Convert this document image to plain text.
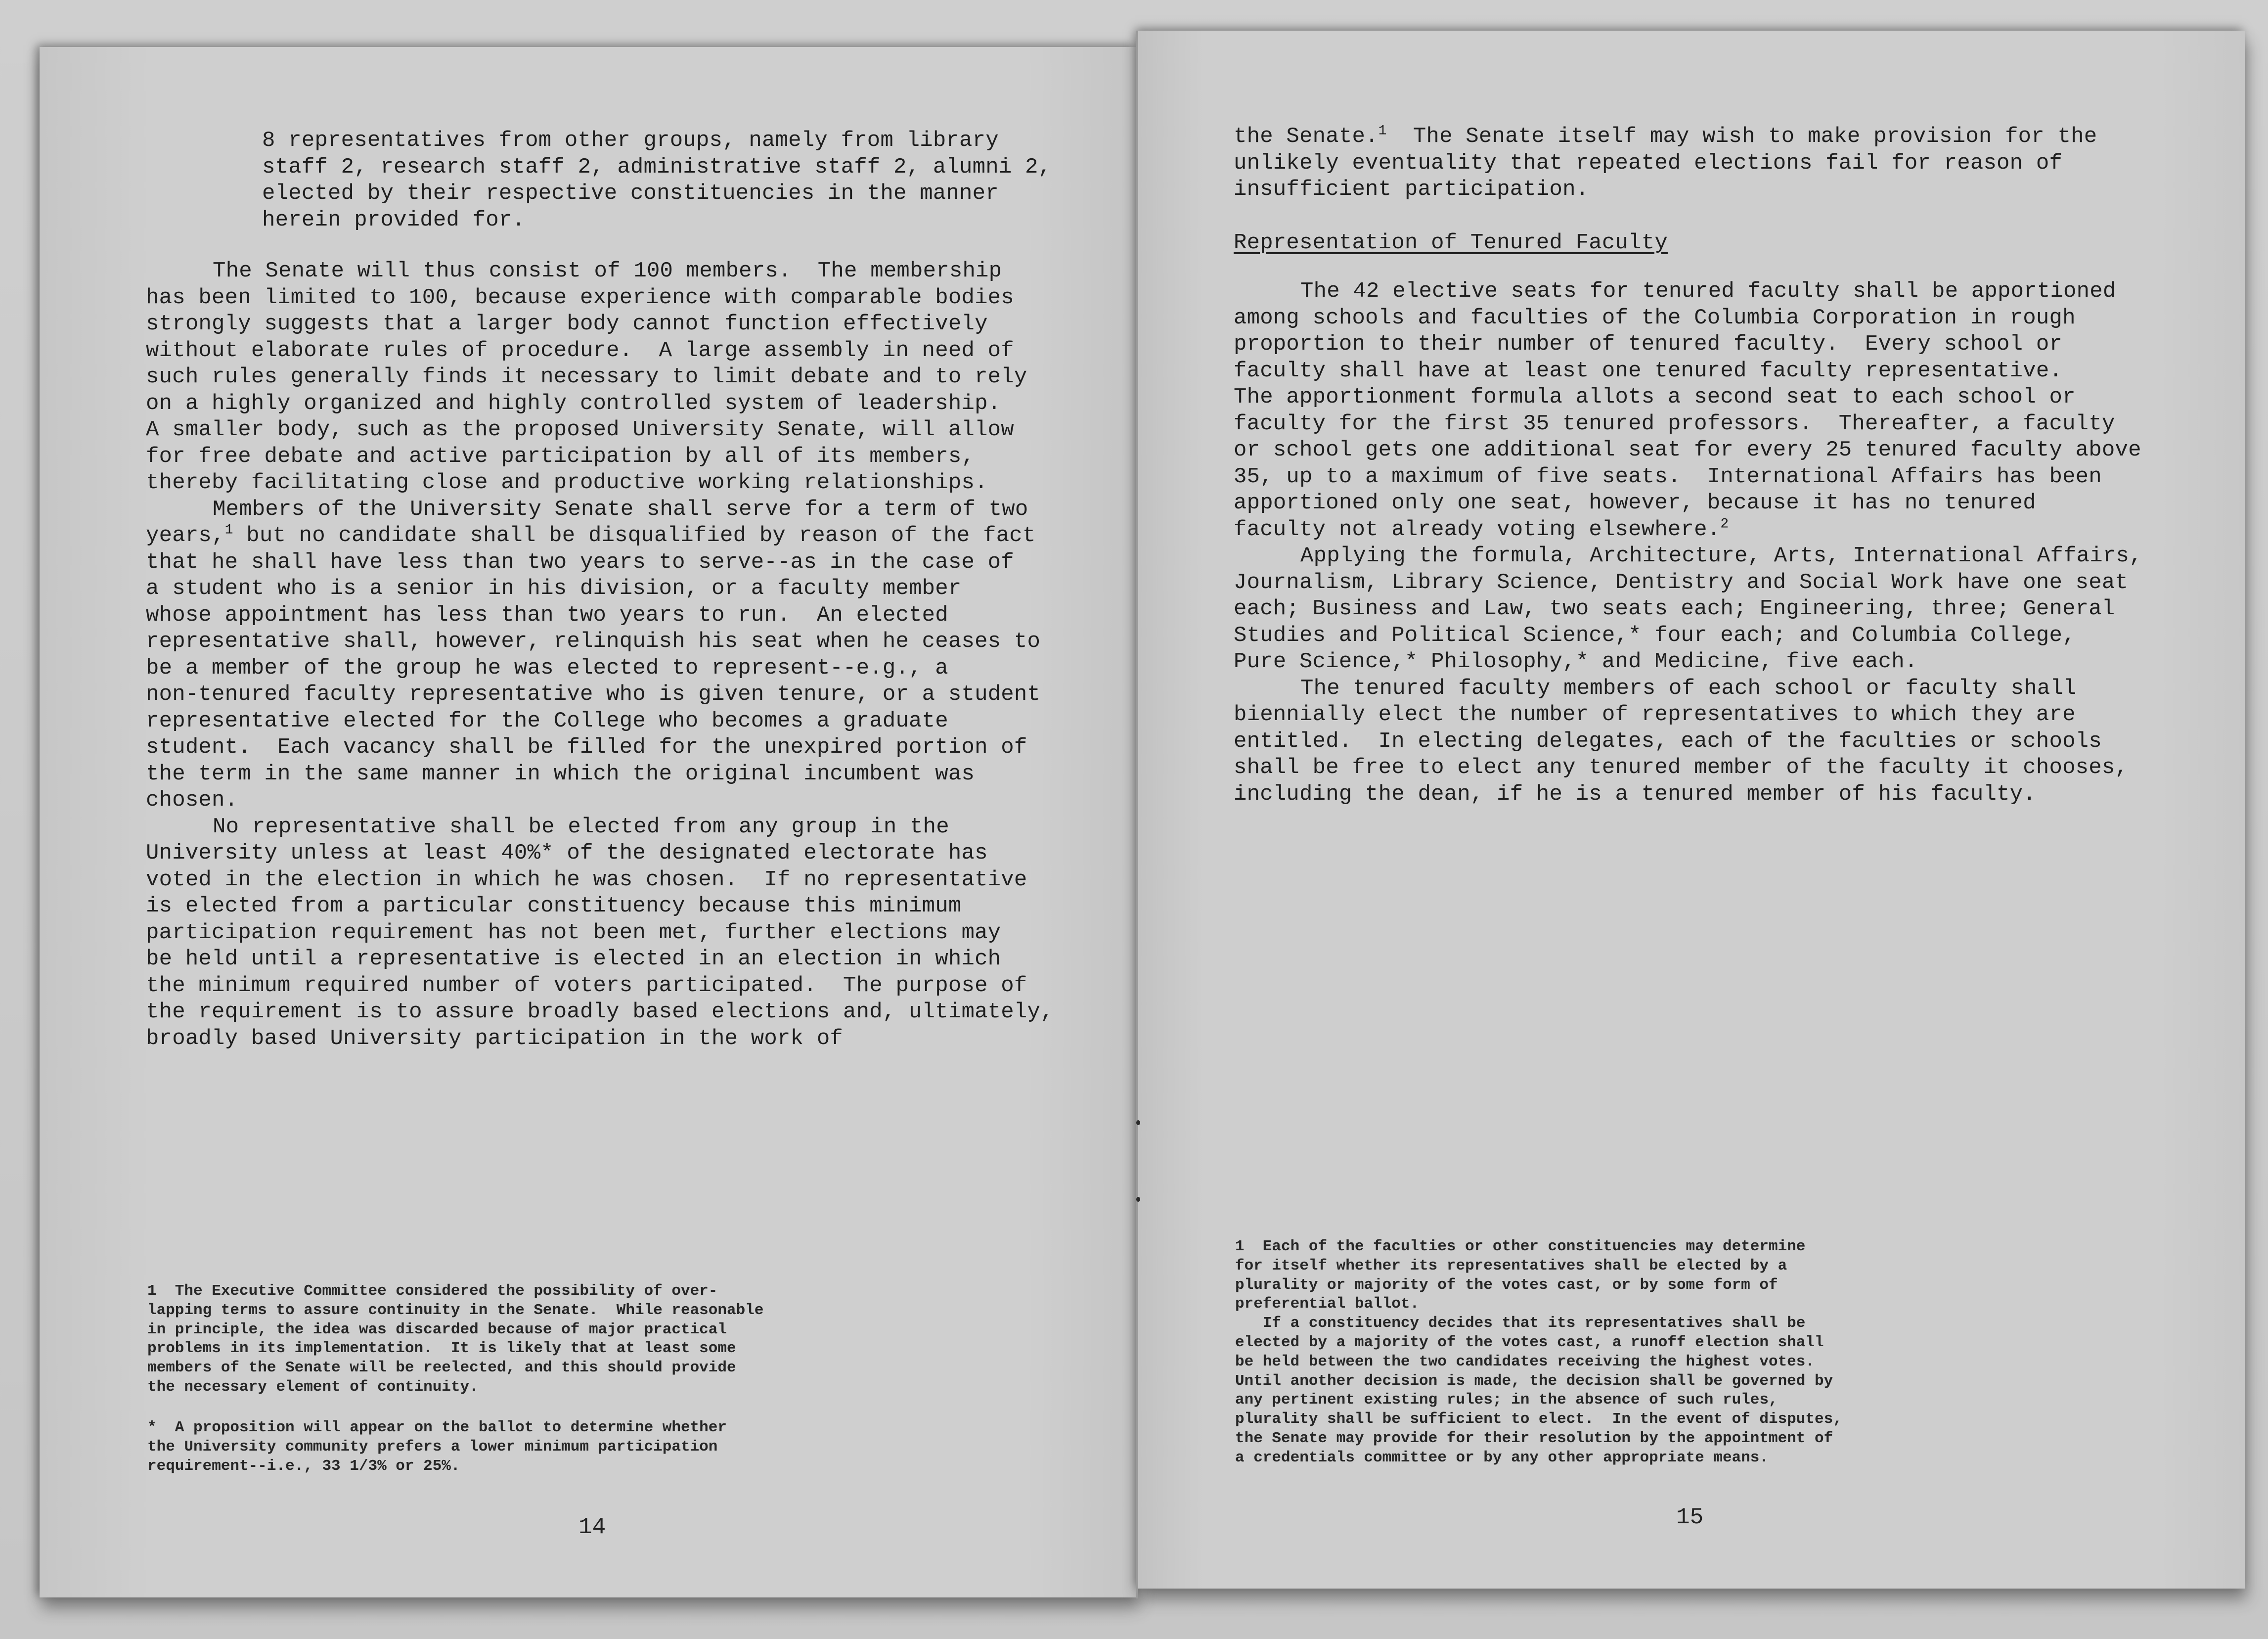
8 representatives from other groups, namely from library
staff 2, research staff 2, administrative staff 2, alumni 2,
elected by their respective constituencies in the manner
herein provided for.
The Senate will thus consist of 100 members.  The membership
has been limited to 100, because experience with comparable bodies
strongly suggests that a larger body cannot function effectively
without elaborate rules of procedure.  A large assembly in need of
such rules generally finds it necessary to limit debate and to rely
on a highly organized and highly controlled system of leadership.
A smaller body, such as the proposed University Senate, will allow
for free debate and active participation by all of its members,
thereby facilitating close and productive working relationships.
Members of the University Senate shall serve for a term of two
years,$^1$ but no candidate shall be disqualified by reason of the fact
that he shall have less than two years to serve--as in the case of
a student who is a senior in his division, or a faculty member
whose appointment has less than two years to run.  An elected
representative shall, however, relinquish his seat when he ceases to
be a member of the group he was elected to represent--e.g., a
non-tenured faculty representative who is given tenure, or a student
representative elected for the College who becomes a graduate
student.  Each vacancy shall be filled for the unexpired portion of
the term in the same manner in which the original incumbent was
chosen.
No representative shall be elected from any group in the
University unless at least 40%* of the designated electorate has
voted in the election in which he was chosen.  If no representative
is elected from a particular constituency because this minimum
participation requirement has not been met, further elections may
be held until a representative is elected in an election in which
the minimum required number of voters participated.  The purpose of
the requirement is to assure broadly based elections and, ultimately,
broadly based University participation in the work of
1  The Executive Committee considered the possibility of over-
lapping terms to assure continuity in the Senate.  While reasonable
in principle, the idea was discarded because of major practical
problems in its implementation.  It is likely that at least some
members of the Senate will be reelected, and this should provide
the necessary element of continuity.
*  A proposition will appear on the ballot to determine whether
the University community prefers a lower minimum participation
requirement--i.e., 33 1/3% or 25%.
14
the Senate.$^1$  The Senate itself may wish to make provision for the
unlikely eventuality that repeated elections fail for reason of
insufficient participation.
Representation of Tenured Faculty
The 42 elective seats for tenured faculty shall be apportioned
among schools and faculties of the Columbia Corporation in rough
proportion to their number of tenured faculty.  Every school or
faculty shall have at least one tenured faculty representative.
The apportionment formula allots a second seat to each school or
faculty for the first 35 tenured professors.  Thereafter, a faculty
or school gets one additional seat for every 25 tenured faculty above
35, up to a maximum of five seats.  International Affairs has been
apportioned only one seat, however, because it has no tenured
faculty not already voting elsewhere.$^2$
Applying the formula, Architecture, Arts, International Affairs,
Journalism, Library Science, Dentistry and Social Work have one seat
each; Business and Law, two seats each; Engineering, three; General
Studies and Political Science,* four each; and Columbia College,
Pure Science,* Philosophy,* and Medicine, five each.
The tenured faculty members of each school or faculty shall
biennially elect the number of representatives to which they are
entitled.  In electing delegates, each of the faculties or schools
shall be free to elect any tenured member of the faculty it chooses,
including the dean, if he is a tenured member of his faculty.
1  Each of the faculties or other constituencies may determine
for itself whether its representatives shall be elected by a
plurality or majority of the votes cast, or by some form of
preferential ballot.
If a constituency decides that its representatives shall be
elected by a majority of the votes cast, a runoff election shall
be held between the two candidates receiving the highest votes.
Until another decision is made, the decision shall be governed by
any pertinent existing rules; in the absence of such rules,
plurality shall be sufficient to elect.  In the event of disputes,
the Senate may provide for their resolution by the appointment of
a credentials committee or by any other appropriate means.
15
